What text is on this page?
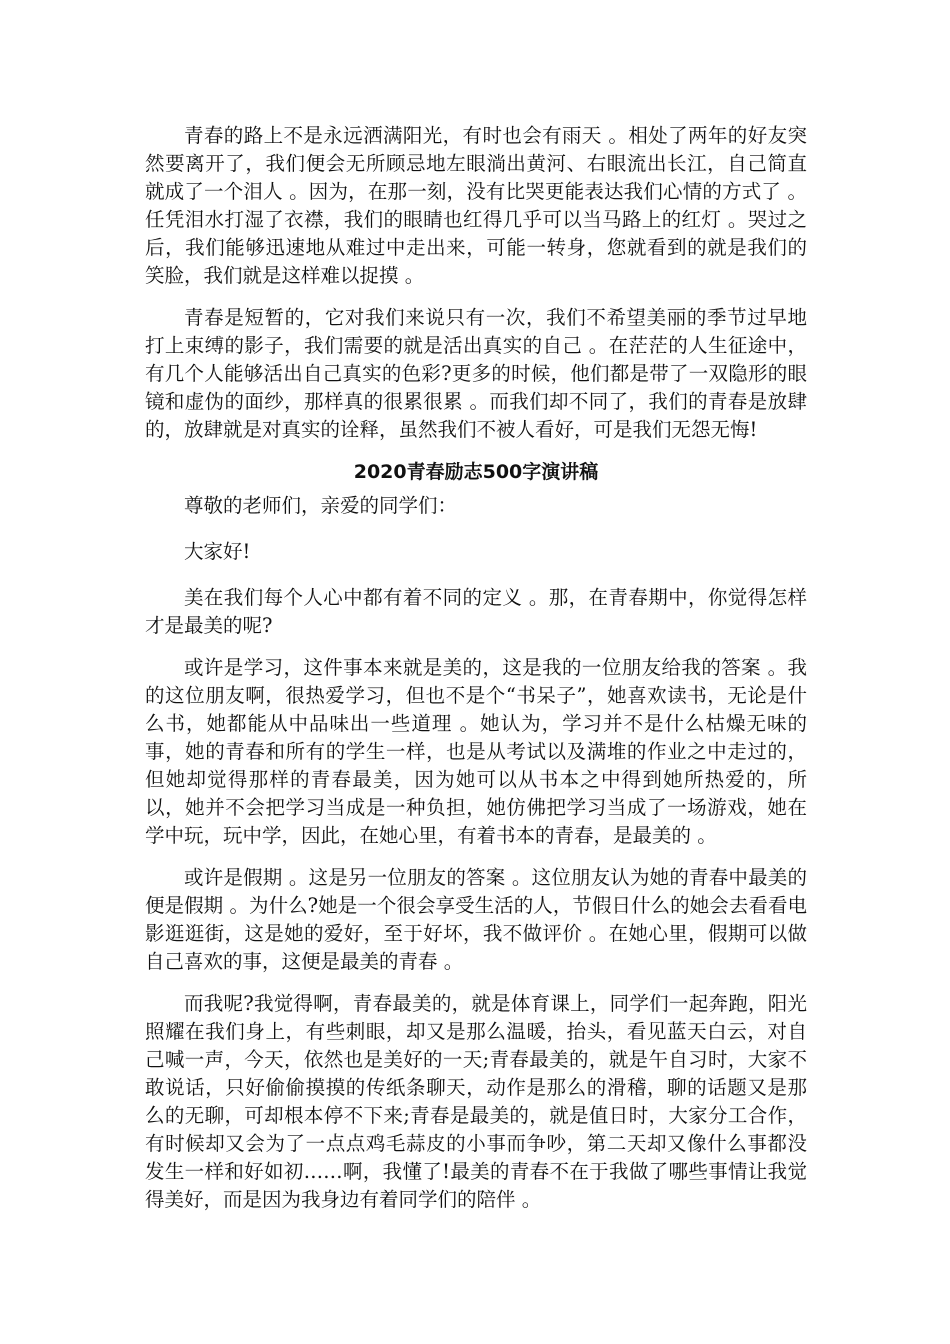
青春的路上不是永远洒满阳光，有时也会有雨天 。相处了两年的好友突然要离开了，我们便会无所顾忌地左眼淌出黄河、右眼流出长江，自己简直就成了一个泪人 。因为，在那一刻，没有比哭更能表达我们心情的方式了 。任凭泪水打湿了衣襟，我们的眼睛也红得几乎可以当马路上的红灯 。哭过之后，我们能够迅速地从难过中走出来，可能一转身，您就看到的就是我们的笑脸，我们就是这样难以捉摸 。

青春是短暂的，它对我们来说只有一次，我们不希望美丽的季节过早地打上束缚的影子，我们需要的就是活出真实的自己 。在茫茫的人生征途中，有几个人能够活出自己真实的色彩?更多的时候，他们都是带了一双隐形的眼镜和虚伪的面纱，那样真的很累很累 。而我们却不同了，我们的青春是放肆的，放肆就是对真实的诠释，虽然我们不被人看好，可是我们无怨无悔!

2020青春励志500字演讲稿

尊敬的老师们，亲爱的同学们：

大家好!

美在我们每个人心中都有着不同的定义 。那，在青春期中，你觉得怎样才是最美的呢?

或许是学习，这件事本来就是美的，这是我的一位朋友给我的答案 。我的这位朋友啊，很热爱学习，但也不是个“书呆子”，她喜欢读书，无论是什么书，她都能从中品味出一些道理 。她认为，学习并不是什么枯燥无味的事，她的青春和所有的学生一样，也是从考试以及满堆的作业之中走过的，但她却觉得那样的青春最美，因为她可以从书本之中得到她所热爱的，所以，她并不会把学习当成是一种负担，她仿佛把学习当成了一场游戏，她在学中玩，玩中学，因此，在她心里，有着书本的青春，是最美的 。

或许是假期 。这是另一位朋友的答案 。这位朋友认为她的青春中最美的便是假期 。为什么?她是一个很会享受生活的人，节假日什么的她会去看看电影逛逛街，这是她的爱好，至于好坏，我不做评价 。在她心里，假期可以做自己喜欢的事，这便是最美的青春 。

而我呢?我觉得啊，青春最美的，就是体育课上，同学们一起奔跑，阳光照耀在我们身上，有些刺眼，却又是那么温暖，抬头，看见蓝天白云，对自己喊一声，今天，依然也是美好的一天;青春最美的，就是午自习时，大家不敢说话，只好偷偷摸摸的传纸条聊天，动作是那么的滑稽，聊的话题又是那么的无聊，可却根本停不下来;青春是最美的，就是值日时，大家分工合作，有时候却又会为了一点点鸡毛蒜皮的小事而争吵，第二天却又像什么事都没发生一样和好如初……啊，我懂了!最美的青春不在于我做了哪些事情让我觉得美好，而是因为我身边有着同学们的陪伴 。
